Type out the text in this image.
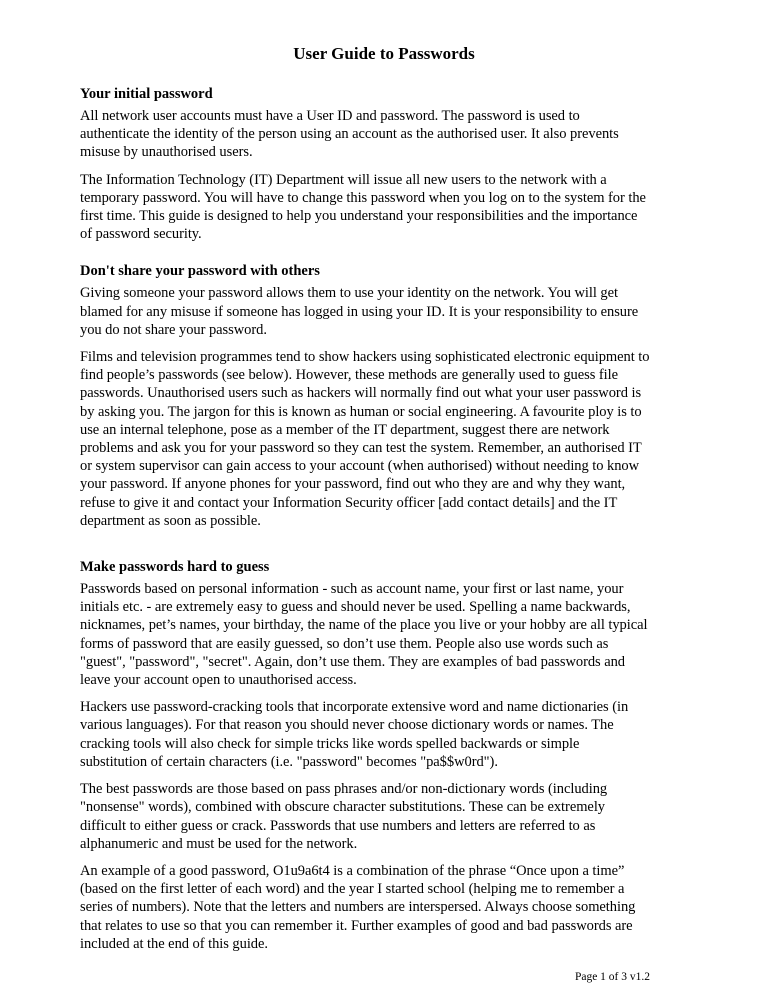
User Guide to Passwords
Your initial password

All network user accounts must have a User ID and password. The password is used to authenticate the identity of the person using an account as the authorised user. It also prevents misuse by unauthorised users.

The Information Technology (IT) Department will issue all new users to the network with a temporary password. You will have to change this password when you log on to the system for the first time. This guide is designed to help you understand your responsibilities and the importance of password security.

Don't share your password with others

Giving someone your password allows them to use your identity on the network. You will get blamed for any misuse if someone has logged in using your ID. It is your responsibility to ensure you do not share your password.

Films and television programmes tend to show hackers using sophisticated electronic equipment to find people’s passwords (see below). However, these methods are generally used to guess file passwords. Unauthorised users such as hackers will normally find out what your user password is by asking you. The jargon for this is known as human or social engineering. A favourite ploy is to use an internal telephone, pose as a member of the IT department, suggest there are network problems and ask you for your password so they can test the system. Remember, an authorised IT or system supervisor can gain access to your account (when authorised) without needing to know your password. If anyone phones for your password, find out who they are and why they want, refuse to give it and contact your Information Security officer [add contact details] and the IT department as soon as possible.

Make passwords hard to guess

Passwords based on personal information - such as account name, your first or last name, your initials etc. - are extremely easy to guess and should never be used. Spelling a name backwards, nicknames, pet’s names, your birthday, the name of the place you live or your hobby are all typical forms of password that are easily guessed, so don’t use them. People also use words such as "guest", "password", "secret". Again, don’t use them. They are examples of bad passwords and leave your account open to unauthorised access.

Hackers use password-cracking tools that incorporate extensive word and name dictionaries (in various languages). For that reason you should never choose dictionary words or names. The cracking tools will also check for simple tricks like words spelled backwards or simple substitution of certain characters (i.e. "password" becomes "pa$$w0rd").

The best passwords are those based on pass phrases and/or non-dictionary words (including "nonsense" words), combined with obscure character substitutions. These can be extremely difficult to either guess or crack. Passwords that use numbers and letters are referred to as alphanumeric and must be used for the network.

An example of a good password, O1u9a6t4 is a combination of the phrase “Once upon a time” (based on the first letter of each word) and the year I started school (helping me to remember a series of numbers). Note that the letters and numbers are interspersed. Always choose something that relates to use so that you can remember it. Further examples of good and bad passwords are included at the end of this guide.

Page 1 of 3 v1.2
